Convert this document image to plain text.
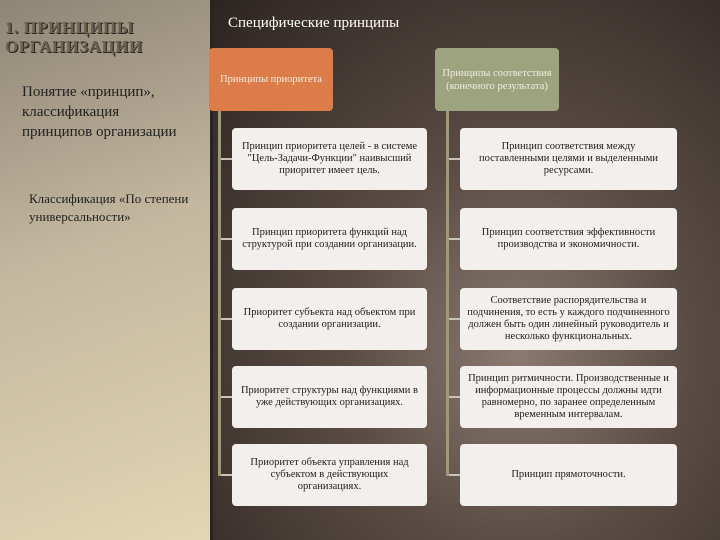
1. ПРИНЦИПЫ
ОРГАНИЗАЦИИ
Понятие «принцип», классификация принципов организации
Классификация «По степени универсальности»
Специфические принципы
Принципы приоритета
Принципы соответствия (конечного результата)
Принцип приоритета целей - в системе "Цель-Задачи-Функции" наивысший приоритет имеет цель.
Принцип приоритета функций над структурой при создании организации.
Приоритет субъекта над объектом при создании организации.
Приоритет структуры над функциями в уже действующих организациях.
Приоритет объекта управления над субъектом в действующих организациях.
Принцип соответствия между поставленными целями и выделенными ресурсами.
Принцип соответствия эффективности производства и экономичности.
Соответствие распорядительства и подчинения, то есть у каждого подчиненного должен быть один линейный руководитель и несколько функциональных.
Принцип ритмичности. Производственные и информационные процессы должны идти равномерно, по заранее определенным временным интервалам.
Принцип прямоточности.
